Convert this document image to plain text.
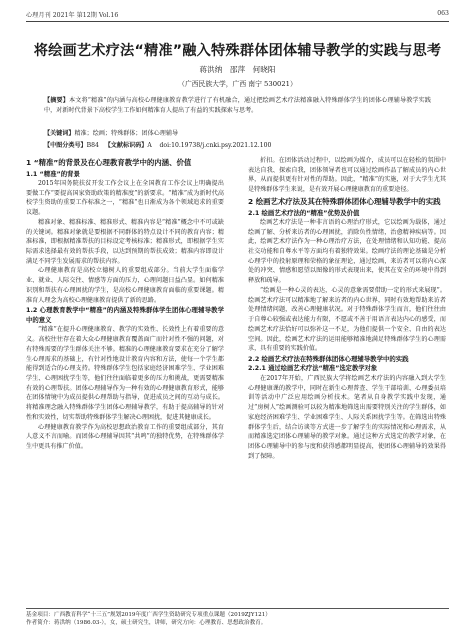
心理月刊 2021年 第12期 Vol.16	063
将绘画艺术疗法“精准”融入特殊群体团体辅导教学的实践与思考
蒋洪纳　邵萍　何晓阳
（广西民族大学，广西 南宁 530021）
【摘要】本文将“精准”的内涵与高校心理健康教育教学进行了有机融合，通过把绘画艺术疗法精准融入特殊群体学生的团体心理辅导教学实践中，对新时代背景下高校学生工作如何精准育人提出了有益的实践探索与思考。
【关键词】精准；绘画；特殊群体；团体心理辅导
【中图分类号】B84 【文献标识码】A doi:10.19738/j.cnki.psy.2021.12.100
1 “精准”的背景及在心理教育教学中的内涵、价值
1.1 “精准”的背景

2015年国务院扶贫开发工作会议上在全国教育工作会议上明确提出要做工作“要提高国家资助政策的精准度”的新要求。“精准”成为新时代高校学生资助的重要工作标准之一，“精准”也日渐成为各个领域追求的重要议题。

精准对象、精准标准、精准形式、精准内容是“精准”概念中不可或缺的关键词。精准对象就是要根据不同群体的特点设计不同的教育内容；精准标准，即根据精准帮扶的目标设定考核标准；精准形式，即根据学生实际需求选择最有效的帮扶手段，以达到预期的帮扶成效；精准内容即设计满足不同学生发展需求的帮扶内容。

心理健康教育是高校立德树人的重要组成部分。当前大学生面临学业、就业、人际交往、情感等方面的压力，心理问题日益凸显。如何精准识别和帮扶有心理困扰的学生，是高校心理健康教育面临的重要课题。精准育人理念为高校心理健康教育提供了新的思路。

1.2 心理教育教学中“精准”的内涵及特殊群体学生团体心理辅导教学中的意义

“精准”在提升心理健康教育、教学的实效性、长效性上有着重要的意义。高校往往存在着大众心理健康教育覆盖面广而针对性不强的问题，对有特殊需要的学生群体关注不够。精准的心理健康教育要求在充分了解学生心理需求的基础上，有针对性地设计教育内容和方法，使每一个学生都能得到适合的心理支持。特殊群体学生包括家庭经济困难学生、学业困难学生、心理困扰学生等，他们往往面临着更多的压力和挑战，更需要精准有效的心理帮扶。团体心理辅导作为一种有效的心理健康教育形式，能够在团体情境中为成员提供心理帮助与指导，促进成员之间的互动与成长。将精准理念融入特殊群体学生团体心理辅导教学，有助于提高辅导的针对性和实效性，切实帮助特殊群体学生解决心理困扰，促进其健康成长。

心理健康教育教学作为高校思想政治教育工作的重要组成部分，其育人意义不言而喻。而团体心理辅导因其“共鸣”的独特优势，在特殊群体学生中更具有推广价值。

折扣。在团体活动过程中，以绘画为媒介，成员可以在轻松的氛围中表达自我、探索自我，团体领导者也可以通过绘画作品了解成员的内心世界，从而提供更有针对性的帮助。因此，“精准”的实施，对于大学生尤其是特殊群体学生来说，是有效开展心理健康教育的重要途径。

2 绘画艺术疗法及其在特殊群体团体心理辅导教学中的实践
2.1 绘画艺术疗法的“精准”优势及价值

绘画艺术疗法是一种非言语的心理治疗形式，它以绘画为载体，通过绘画了解、分析来访者的心理困扰，消除负性情绪，治愈精神疾病等。因此，绘画艺术疗法作为一种心理治疗方法，在处理情绪和认知功能、提高社交功能和自尊水平等方面均有着独特效果。绘画疗法的理论基础是分析心理学中的投射原理和荣格的象征理论，通过绘画，来访者可以将内心深处的冲突、情感和愿望以图像的形式表现出来，使其在安全的环境中得到释放和疏导。

“绘画是一种心灵的表达，心灵的意象需要借助一定的形式来展现”。绘画艺术疗法可以精准地了解来访者的内心世界，同时有效地帮助来访者处理情绪问题，改善心理健康状况。对于特殊群体学生而言，他们往往由于自尊心较强或表达能力有限，不愿或不善于用语言表达内心的感受，而绘画艺术疗法恰好可以弥补这一不足，为他们提供一个安全、自由的表达空间。因此，绘画艺术疗法的运用能够精准地满足特殊群体学生的心理需求，具有重要的实践价值。

2.2 绘画艺术疗法在特殊群体团体心理辅导教学中的实践
2.2.1 通过绘画艺术疗法“精准”选定教学对象

在2017年开始，广西民族大学将绘画艺术疗法的内容融入到大学生心理健康课的教学中，同时在新生心理普查、学生干部培训、心理委员培训等活动中广泛应用绘画分析技术。笔者从自身教学实践中发现，通过“房树人”绘画测验可以较为精准地筛选出需要特别关注的学生群体，如家庭经济困难学生、学业困难学生、人际关系困扰学生等。在筛选出特殊群体学生后，结合访谈等方式进一步了解学生的实际情况和心理需求，从而精准选定团体心理辅导的教学对象。通过这种方式选定的教学对象，在团体心理辅导中的参与度和获得感都明显提高，使团体心理辅导的效果得到了保障。

基金项目：广西教育科学“十三五”规划2019年度广西学生资助研究专项重点课题（2019ZJY121）
作者简介：蒋洪纳（1986.03-），女，硕士研究生，讲师，研究方向：心理教育、思想政治教育。
